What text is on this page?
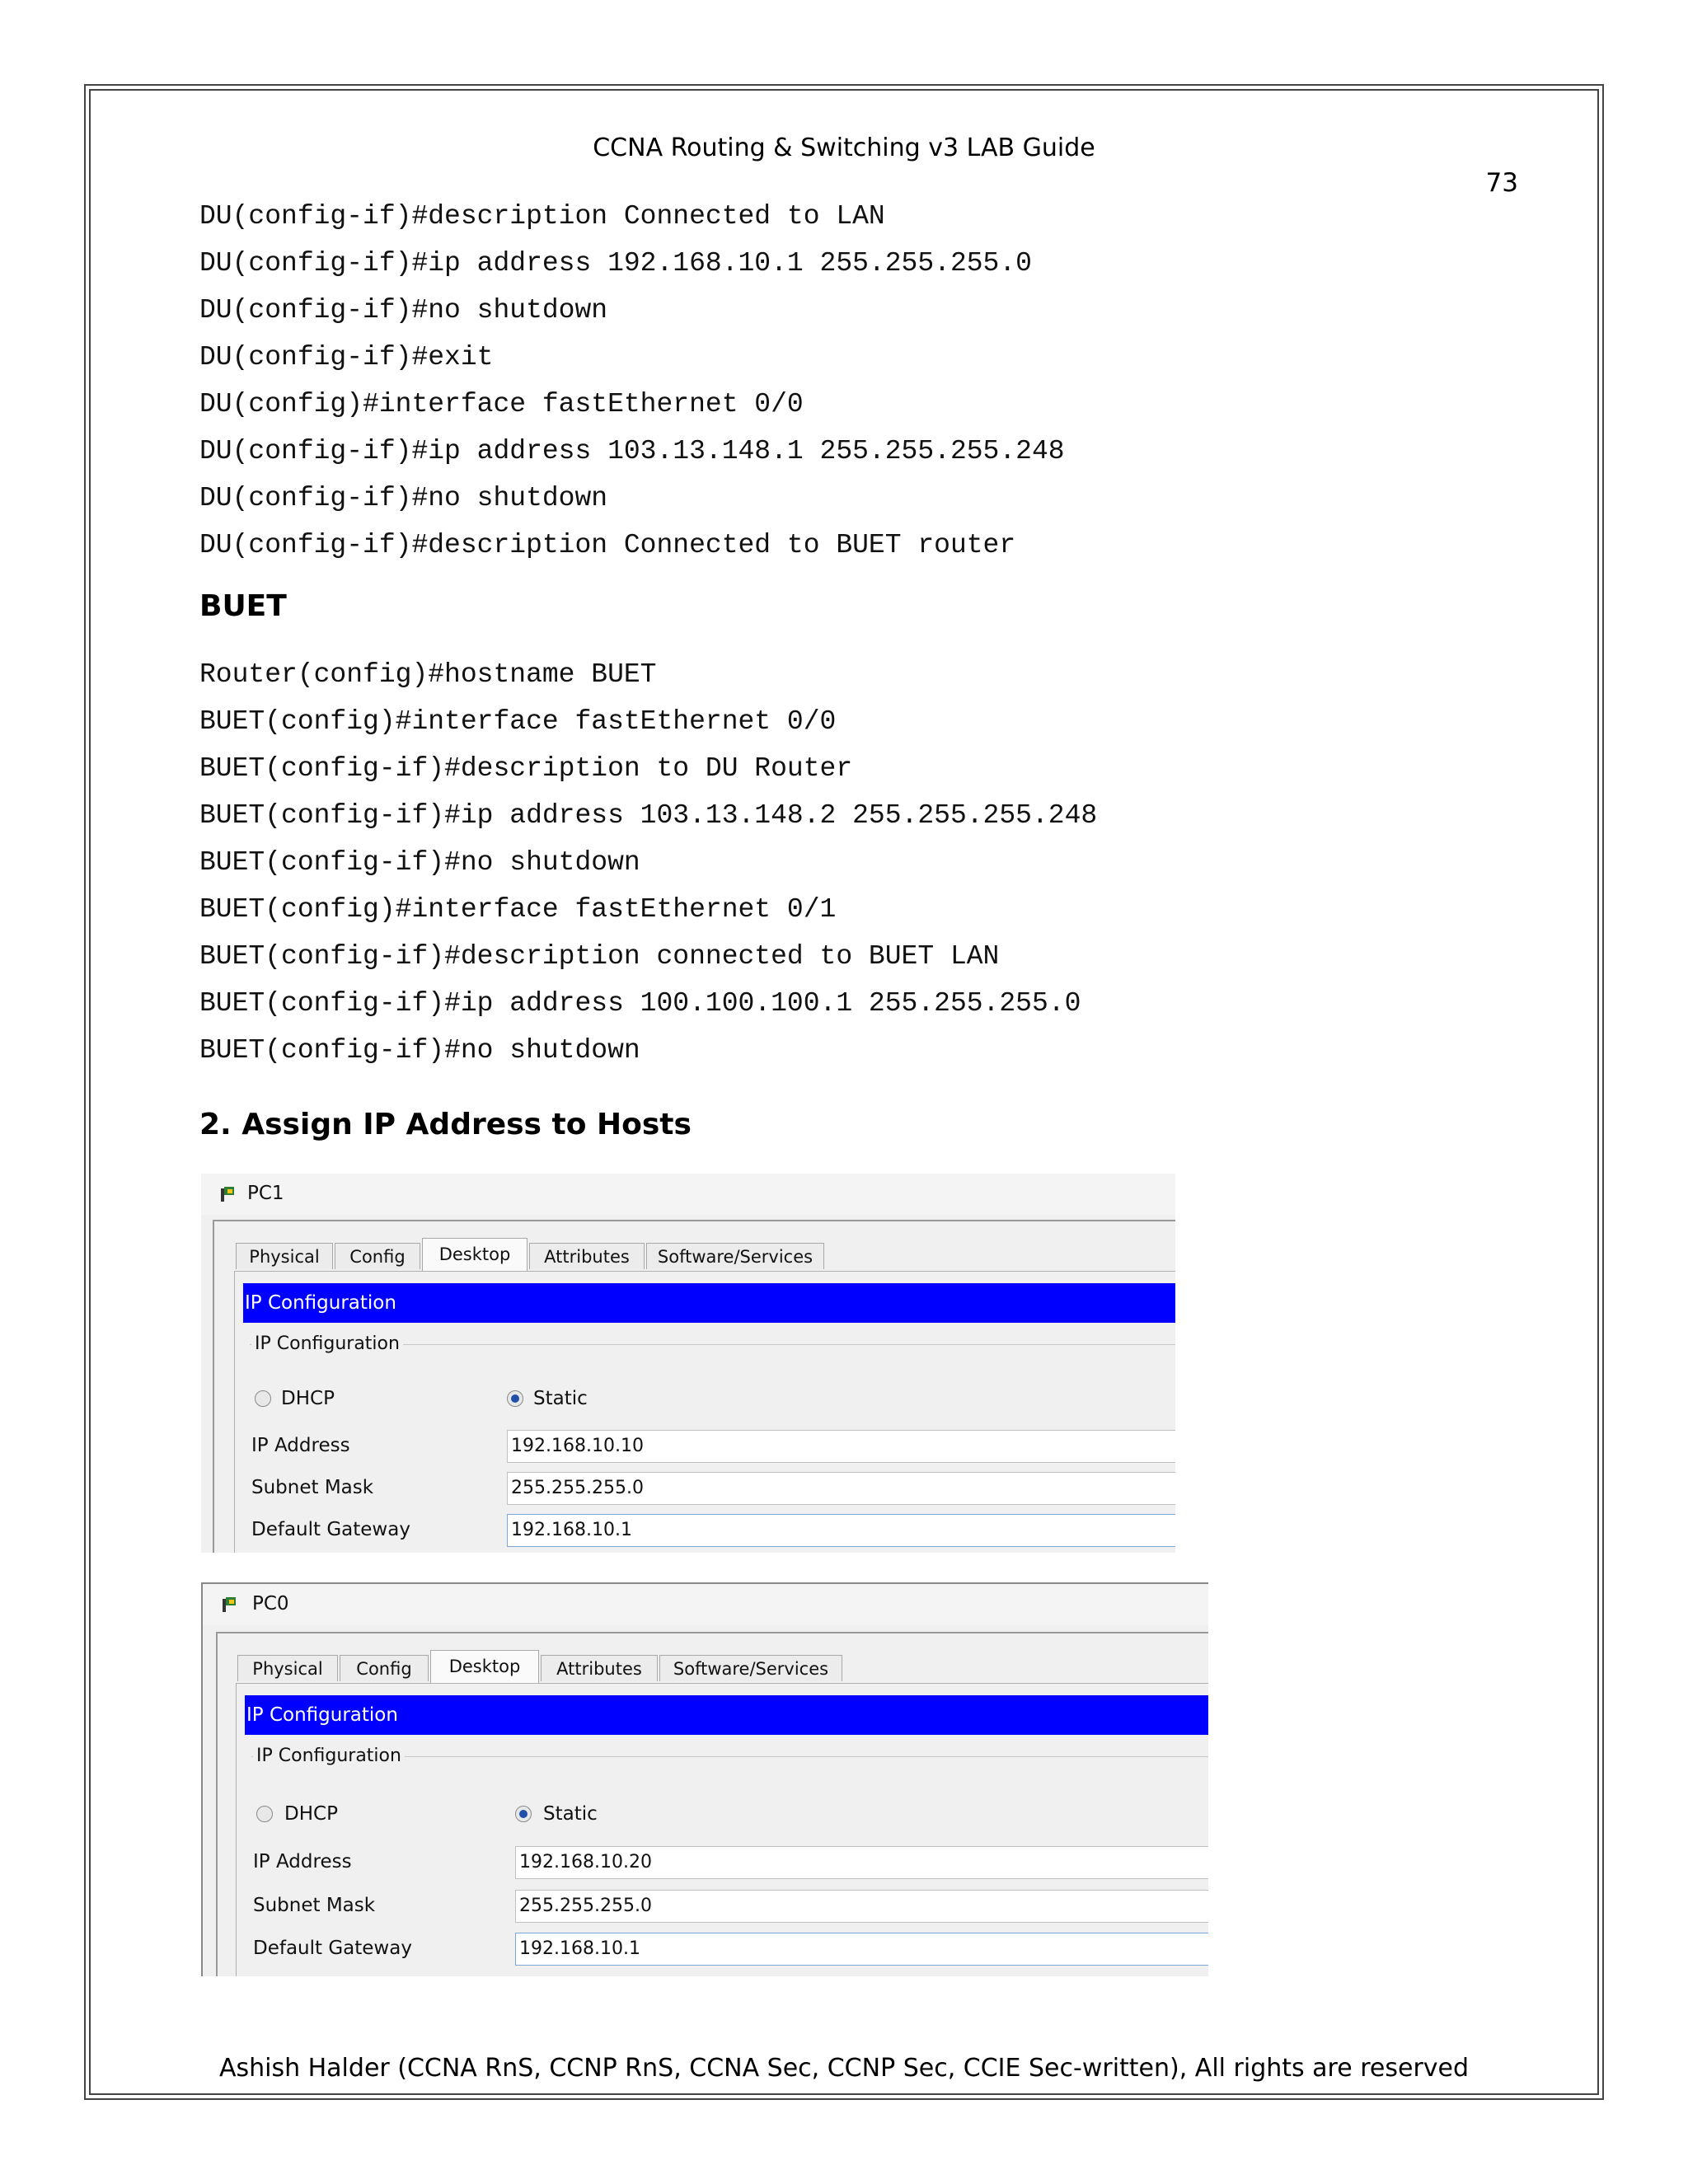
CCNA Routing & Switching v3 LAB Guide
73
DU(config-if)#description Connected to LAN
DU(config-if)#ip address 192.168.10.1 255.255.255.0
DU(config-if)#no shutdown
DU(config-if)#exit
DU(config)#interface fastEthernet 0/0
DU(config-if)#ip address 103.13.148.1 255.255.255.248
DU(config-if)#no shutdown
DU(config-if)#description Connected to BUET router
BUET
Router(config)#hostname BUET
BUET(config)#interface fastEthernet 0/0
BUET(config-if)#description to DU Router
BUET(config-if)#ip address 103.13.148.2 255.255.255.248
BUET(config-if)#no shutdown
BUET(config)#interface fastEthernet 0/1
BUET(config-if)#description connected to BUET LAN
BUET(config-if)#ip address 100.100.100.1 255.255.255.0
BUET(config-if)#no shutdown
2. Assign IP Address to Hosts
PC1
Physical	Config	Desktop	Attributes	Software/Services
IP Configuration
IP Configuration
DHCP	Static
IP Address	192.168.10.10
Subnet Mask	255.255.255.0
Default Gateway	192.168.10.1
PC0
Physical	Config	Desktop	Attributes	Software/Services
IP Configuration
IP Configuration
DHCP	Static
IP Address	192.168.10.20
Subnet Mask	255.255.255.0
Default Gateway	192.168.10.1
Ashish Halder (CCNA RnS, CCNP RnS, CCNA Sec, CCNP Sec, CCIE Sec-written), All rights are reserved
